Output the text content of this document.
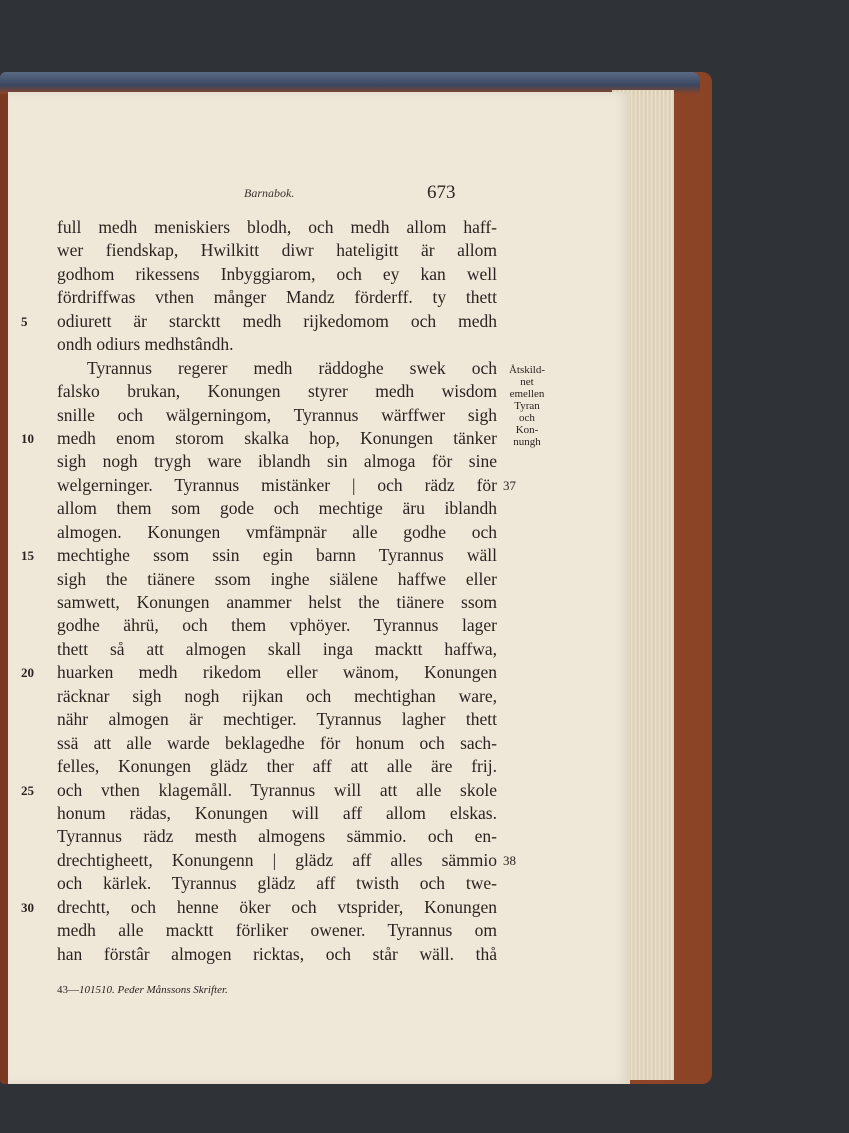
Barnabok.	673
full medh meniskiers blodh, och medh allom haff-
wer fiendskap, Hwilkitt diwr hateligitt är allom
godhom rikessens Inbyggiarom, och ey kan well
fördriffwas vthen månger Mandz förderff. ty thett
odiurett är starcktt medh rijkedomom och medh
5
ondh odiurs medhstândh.
Tyrannus regerer medh räddoghe swek och
falsko brukan, Konungen styrer medh wisdom
snille och wälgerningom, Tyrannus wärffwer sigh
medh enom storom skalka hop, Konungen tänker
10
sigh nogh trygh ware iblandh sin almoga för sine
welgerninger. Tyrannus mistänker | och rädz för 37
allom them som gode och mechtige äru iblandh
almogen. Konungen vmfämpnär alle godhe och
mechtighe ssom ssin egin barnn Tyrannus wäll
15
sigh the tiänere ssom inghe siälene haffwe eller
samwett, Konungen anammer helst the tiänere ssom
godhe ährü, och them vphöyer. Tyrannus lager
thett så att almogen skall inga macktt haffwa,
huarken medh rikedom eller wänom, Konungen
20
räcknar sigh nogh rijkan och mechtighan ware,
nähr almogen är mechtiger. Tyrannus lagher thett
ssä att alle warde beklagedhe för honum och sach-
felles, Konungen glädz ther aff att alle äre frij.
och vthen klagemåll. Tyrannus will att alle skole
25
honum rädas, Konungen will aff allom elskas.
Tyrannus rädz mesth almogens sämmio. och en-
drechtigheett, Konungenn | glädz aff alles sämmio 38
och kärlek. Tyrannus glädz aff twisth och twe-
drechtt, och henne öker och vtsprider, Konungen
30
medh alle macktt förliker owener. Tyrannus om
han förstâr almogen ricktas, och står wäll. thå
Åtskild-
net
emellen
Tyran
och
Kon-
nungh
43—101510. Peder Månssons Skrifter.
